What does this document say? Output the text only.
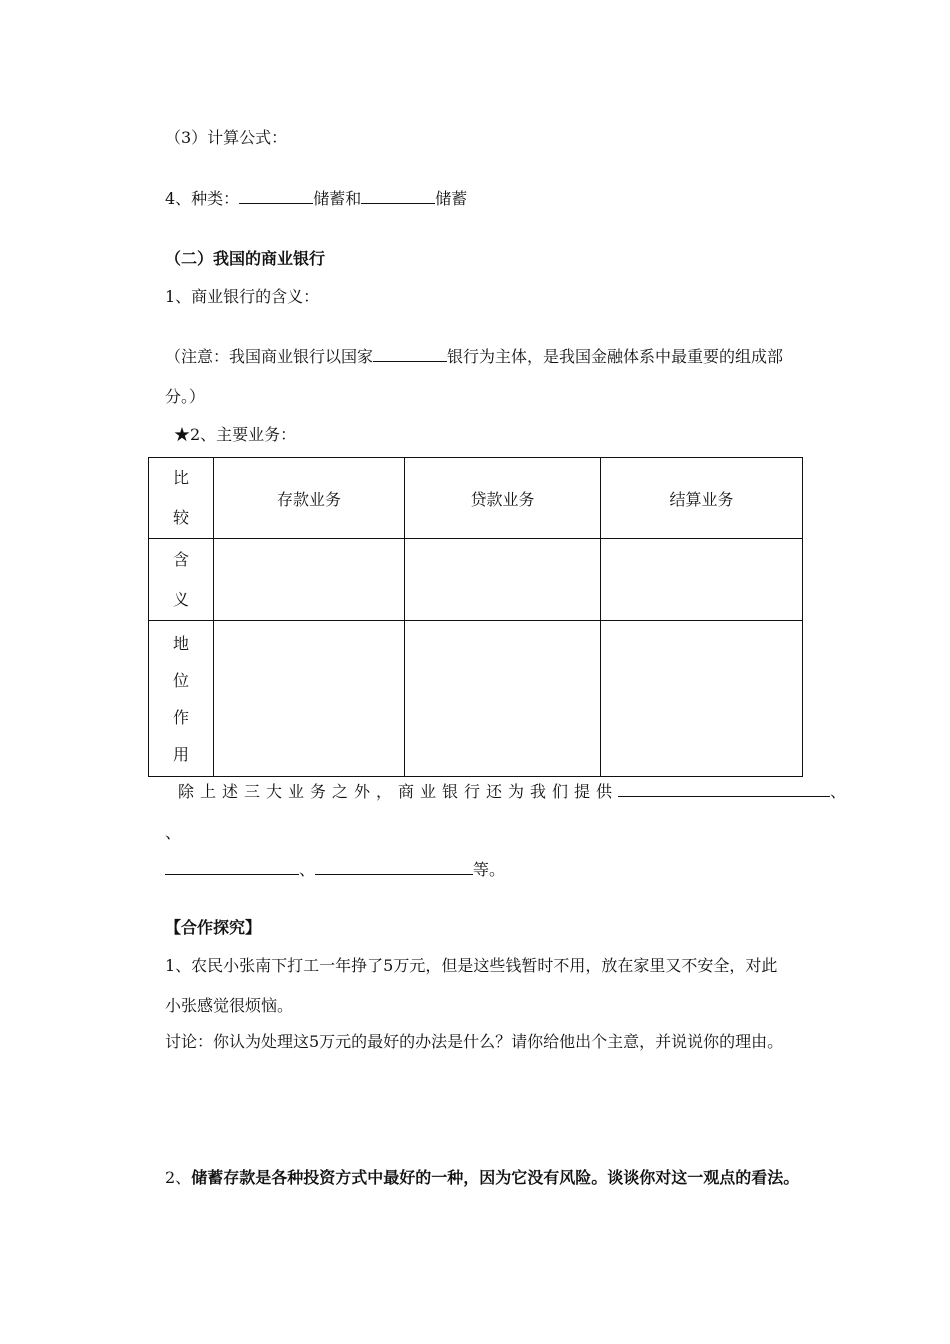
（3）计算公式：
4、种类：	储蓄和	储蓄
（二）我国的商业银行
1、商业银行的含义：
（注意：我国商业银行以国家	银行为主体，是我国金融体系中最重要的组成部
分。）
★2、主要业务：
比
较	存款业务	贷款业务	结算业务

含
义			

地
位
作
用			

除上述三大业务之外，商业银行还为我们提供	、
、
、	等。
【合作探究】
1、农民小张南下打工一年挣了5万元，但是这些钱暂时不用，放在家里又不安全，对此
小张感觉很烦恼。
讨论：你认为处理这5万元的最好的办法是什么？请你给他出个主意，并说说你的理由。
2、储蓄存款是各种投资方式中最好的一种，因为它没有风险。谈谈你对这一观点的看法。
